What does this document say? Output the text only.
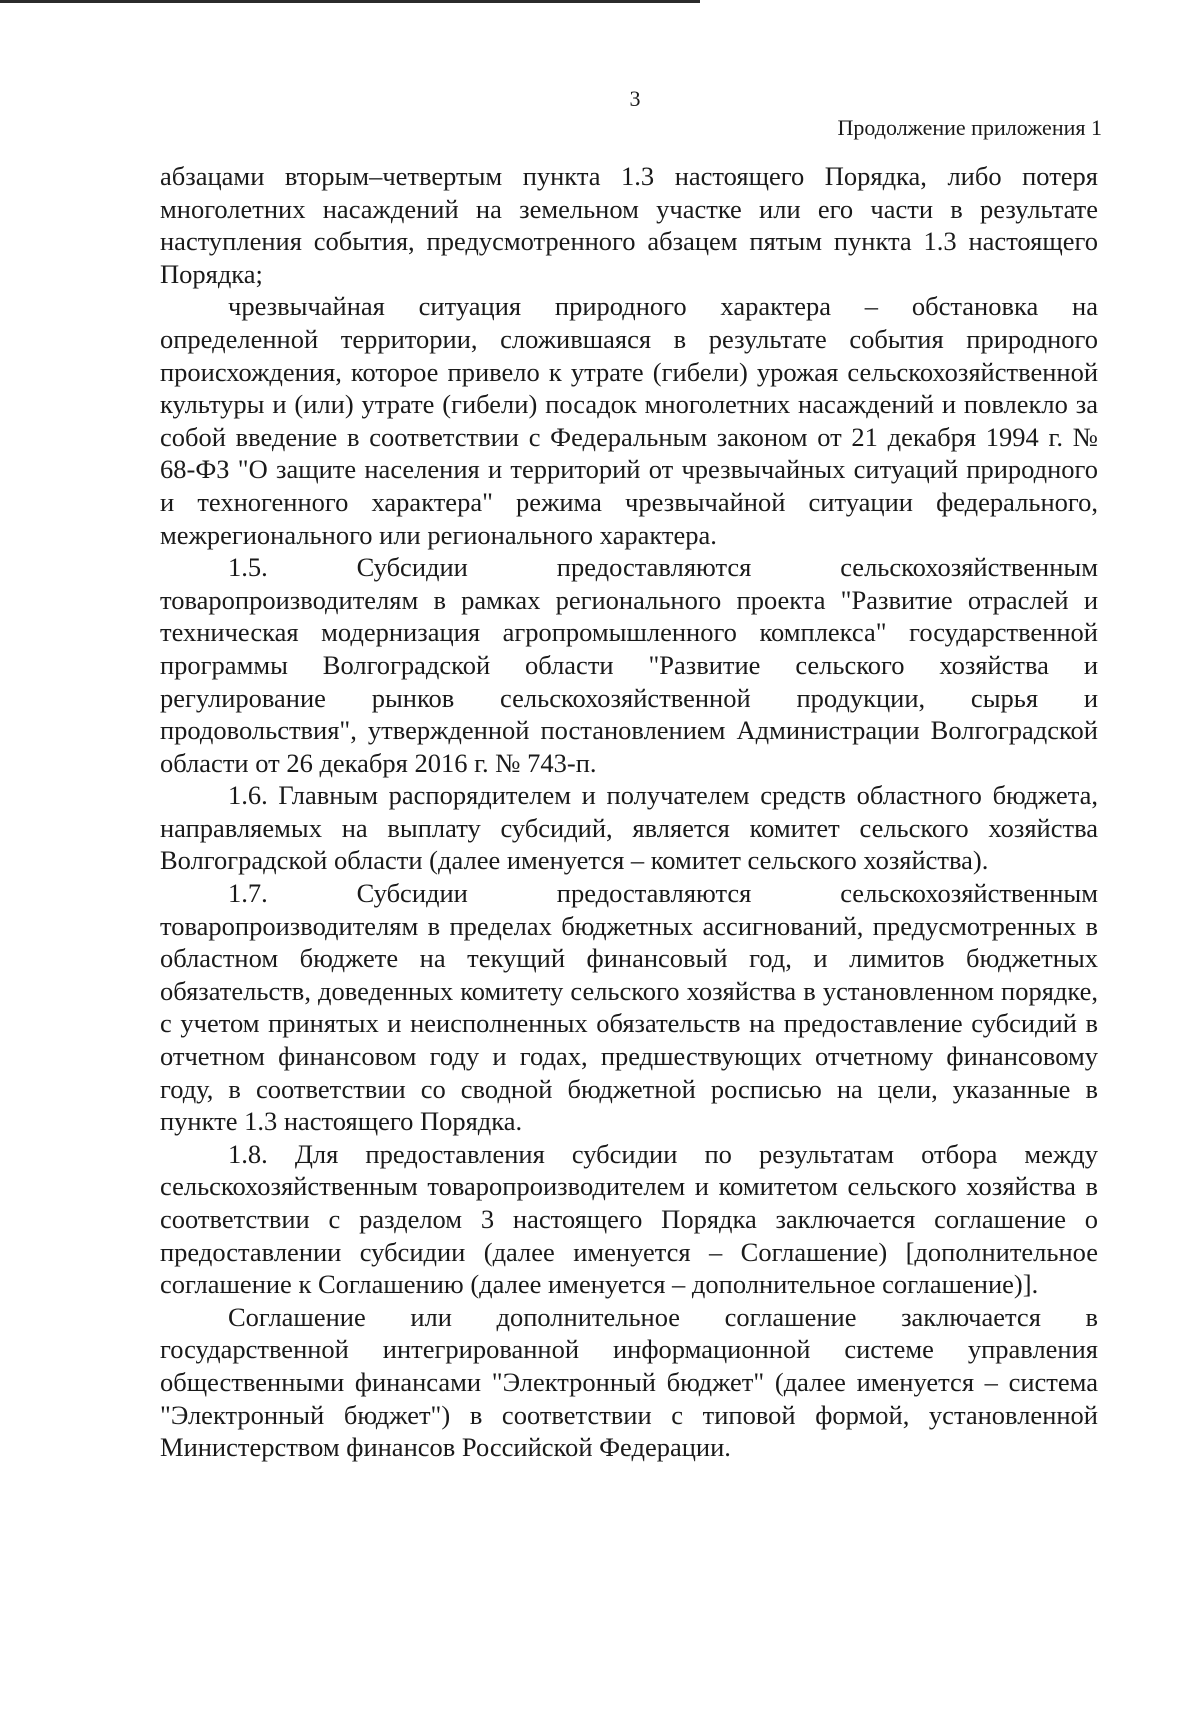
3
Продолжение приложения 1

абзацами вторым–четвертым пункта 1.3 настоящего Порядка, либо потеря многолетних насаждений на земельном участке или его части в результате наступления события, предусмотренного абзацем пятым пункта 1.3 настоящего Порядка;

чрезвычайная ситуация природного характера – обстановка на определенной территории, сложившаяся в результате события природного происхождения, которое привело к утрате (гибели) урожая сельскохозяйственной культуры и (или) утрате (гибели) посадок многолетних насаждений и повлекло за собой введение в соответствии с Федеральным законом от 21 декабря 1994 г. № 68-ФЗ "О защите населения и территорий от чрезвычайных ситуаций природного и техногенного характера" режима чрезвычайной ситуации федерального, межрегионального или регионального характера.

1.5. Субсидии предоставляются сельскохозяйственным товаропроизводителям в рамках регионального проекта "Развитие отраслей и техническая модернизация агропромышленного комплекса" государственной программы Волгоградской области "Развитие сельского хозяйства и регулирование рынков сельскохозяйственной продукции, сырья и продовольствия", утвержденной постановлением Администрации Волгоградской области от 26 декабря 2016 г. № 743-п.

1.6. Главным распорядителем и получателем средств областного бюджета, направляемых на выплату субсидий, является комитет сельского хозяйства Волгоградской области (далее именуется – комитет сельского хозяйства).

1.7. Субсидии предоставляются сельскохозяйственным товаропроизводителям в пределах бюджетных ассигнований, предусмотренных в областном бюджете на текущий финансовый год, и лимитов бюджетных обязательств, доведенных комитету сельского хозяйства в установленном порядке, с учетом принятых и неисполненных обязательств на предоставление субсидий в отчетном финансовом году и годах, предшествующих отчетному финансовому году, в соответствии со сводной бюджетной росписью на цели, указанные в пункте 1.3 настоящего Порядка.

1.8. Для предоставления субсидии по результатам отбора между сельскохозяйственным товаропроизводителем и комитетом сельского хозяйства в соответствии с разделом 3 настоящего Порядка заключается соглашение о предоставлении субсидии (далее именуется – Соглашение) [дополнительное соглашение к Соглашению (далее именуется – дополнительное соглашение)].

Соглашение или дополнительное соглашение заключается в государственной интегрированной информационной системе управления общественными финансами "Электронный бюджет" (далее именуется – система "Электронный бюджет") в соответствии с типовой формой, установленной Министерством финансов Российской Федерации.
